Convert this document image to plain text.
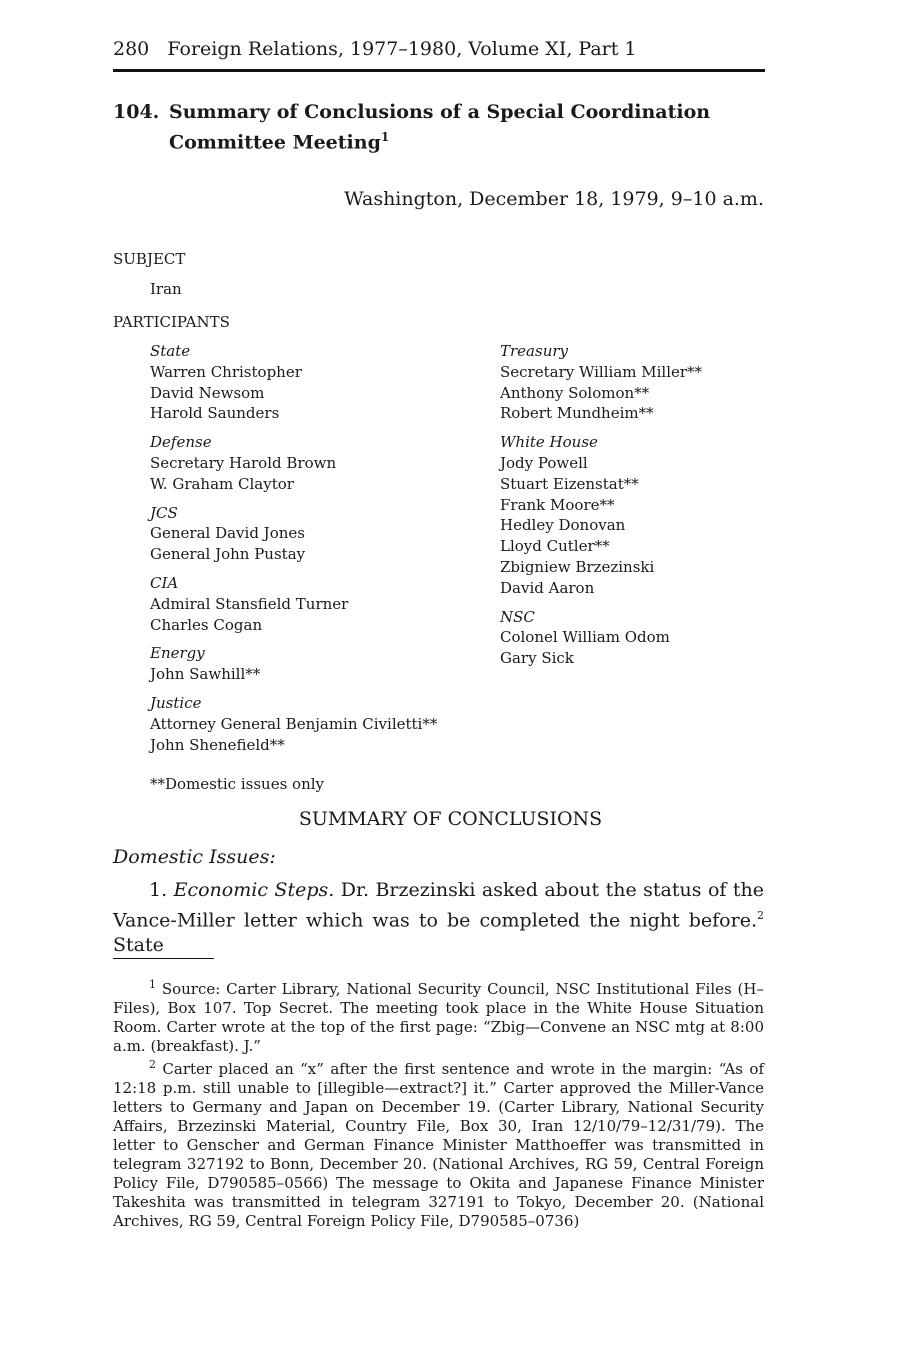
280 Foreign Relations, 1977–1980, Volume XI, Part 1
104. Summary of Conclusions of a Special Coordination
Committee Meeting$^1$
Washington, December 18, 1979, 9–10 a.m.
SUBJECT
Iran
PARTICIPANTS
State
Warren Christopher
David Newsom
Harold Saunders
Defense
Secretary Harold Brown
W. Graham Claytor
JCS
General David Jones
General John Pustay
CIA
Admiral Stansfield Turner
Charles Cogan
Energy
John Sawhill**
Justice
Attorney General Benjamin Civiletti**
John Shenefield**
Treasury
Secretary William Miller**
Anthony Solomon**
Robert Mundheim**
White House
Jody Powell
Stuart Eizenstat**
Frank Moore**
Hedley Donovan
Lloyd Cutler**
Zbigniew Brzezinski
David Aaron
NSC
Colonel William Odom
Gary Sick
**Domestic issues only
SUMMARY OF CONCLUSIONS
Domestic Issues:
1. Economic Steps. Dr. Brzezinski asked about the status of the Vance-Miller letter which was to be completed the night before.$^2$ State
$^1$ Source: Carter Library, National Security Council, NSC Institutional Files (H–Files), Box 107. Top Secret. The meeting took place in the White House Situation Room. Carter wrote at the top of the first page: “Zbig—Convene an NSC mtg at 8:00 a.m. (breakfast). J.”
$^2$ Carter placed an “x” after the first sentence and wrote in the margin: “As of 12:18 p.m. still unable to [illegible—extract?] it.” Carter approved the Miller-Vance letters to Germany and Japan on December 19. (Carter Library, National Security Affairs, Brzezinski Material, Country File, Box 30, Iran 12/10/79–12/31/79). The letter to Genscher and German Finance Minister Matthoeffer was transmitted in telegram 327192 to Bonn, December 20. (National Archives, RG 59, Central Foreign Policy File, D790585–0566) The message to Okita and Japanese Finance Minister Takeshita was transmitted in telegram 327191 to Tokyo, December 20. (National Archives, RG 59, Central Foreign Policy File, D790585–0736)
